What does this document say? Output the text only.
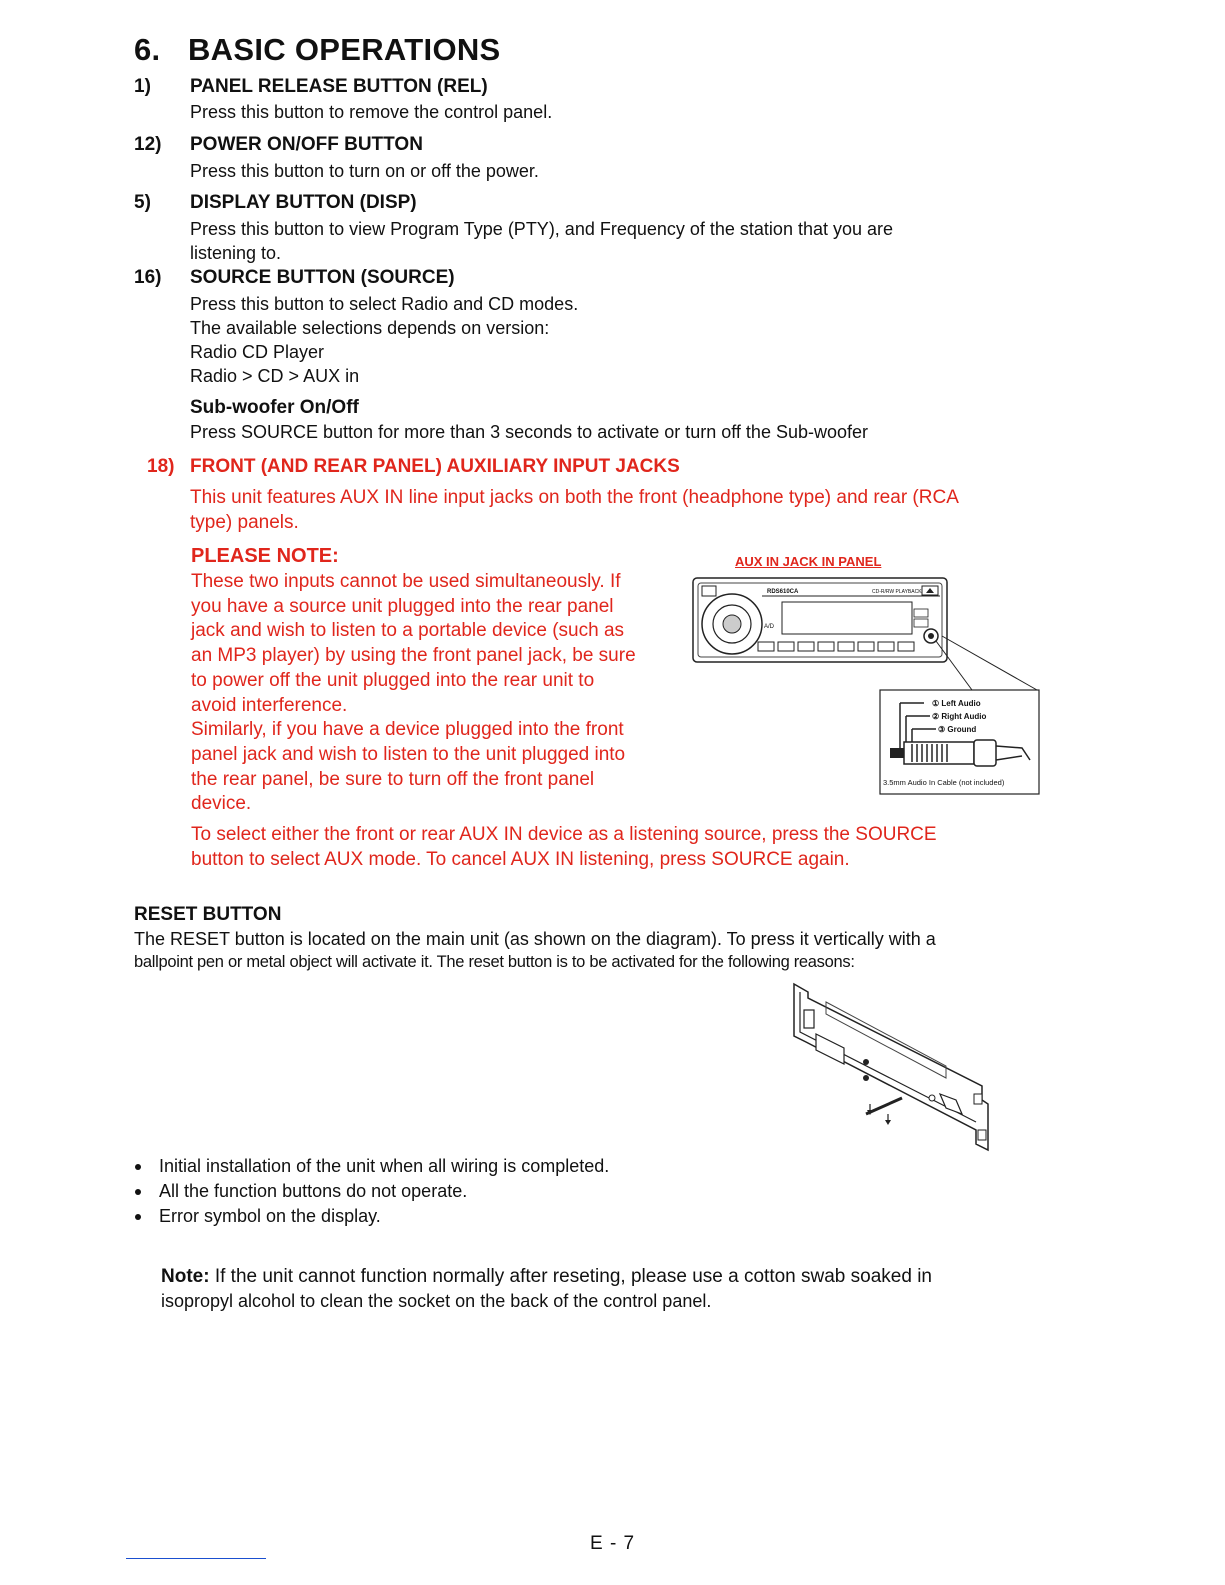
6. BASIC OPERATIONS
1) PANEL RELEASE BUTTON (REL)
Press this button to remove the control panel.
12) POWER ON/OFF BUTTON
Press this button to turn on or off the power.
5) DISPLAY BUTTON (DISP)
Press this button to view Program Type (PTY), and Frequency of the station that you are
listening to.
16) SOURCE BUTTON (SOURCE)
Press this button to select Radio and CD modes.
The available selections depends on version:
Radio CD Player
Radio > CD > AUX in
Sub-woofer On/Off
Press SOURCE button for more than 3 seconds to activate or turn off the Sub-woofer
18) FRONT (AND REAR PANEL) AUXILIARY INPUT JACKS
This unit features AUX IN line input jacks on both the front (headphone type) and rear (RCA
type) panels.
PLEASE NOTE:
These two inputs cannot be used simultaneously. If
you have a source unit plugged into the rear panel
jack and wish to listen to a portable device (such as
an MP3 player) by using the front panel jack, be sure
to power off the unit plugged into the rear unit to
avoid interference.
Similarly, if you have a device plugged into the front
panel jack and wish to listen to the unit plugged into
the rear panel, be sure to turn off the front panel
device.
To select either the front or rear AUX IN device as a listening source, press the SOURCE
button to select AUX mode. To cancel AUX IN listening, press SOURCE again.
AUX IN JACK IN PANEL
RDS610CA	CD-R/RW PLAYBACK
A/D
① Left Audio
② Right Audio
③ Ground
3.5mm Audio In Cable (not included)
RESET BUTTON
The RESET button is located on the main unit (as shown on the diagram). To press it vertically with a
ballpoint pen or metal object will activate it. The reset button is to be activated for the following reasons:
Initial installation of the unit when all wiring is completed.
All the function buttons do not operate.
Error symbol on the display.
Note: If the unit cannot function normally after reseting, please use a cotton swab soaked in
isopropyl alcohol to clean the socket on the back of the control panel.
E - 7
